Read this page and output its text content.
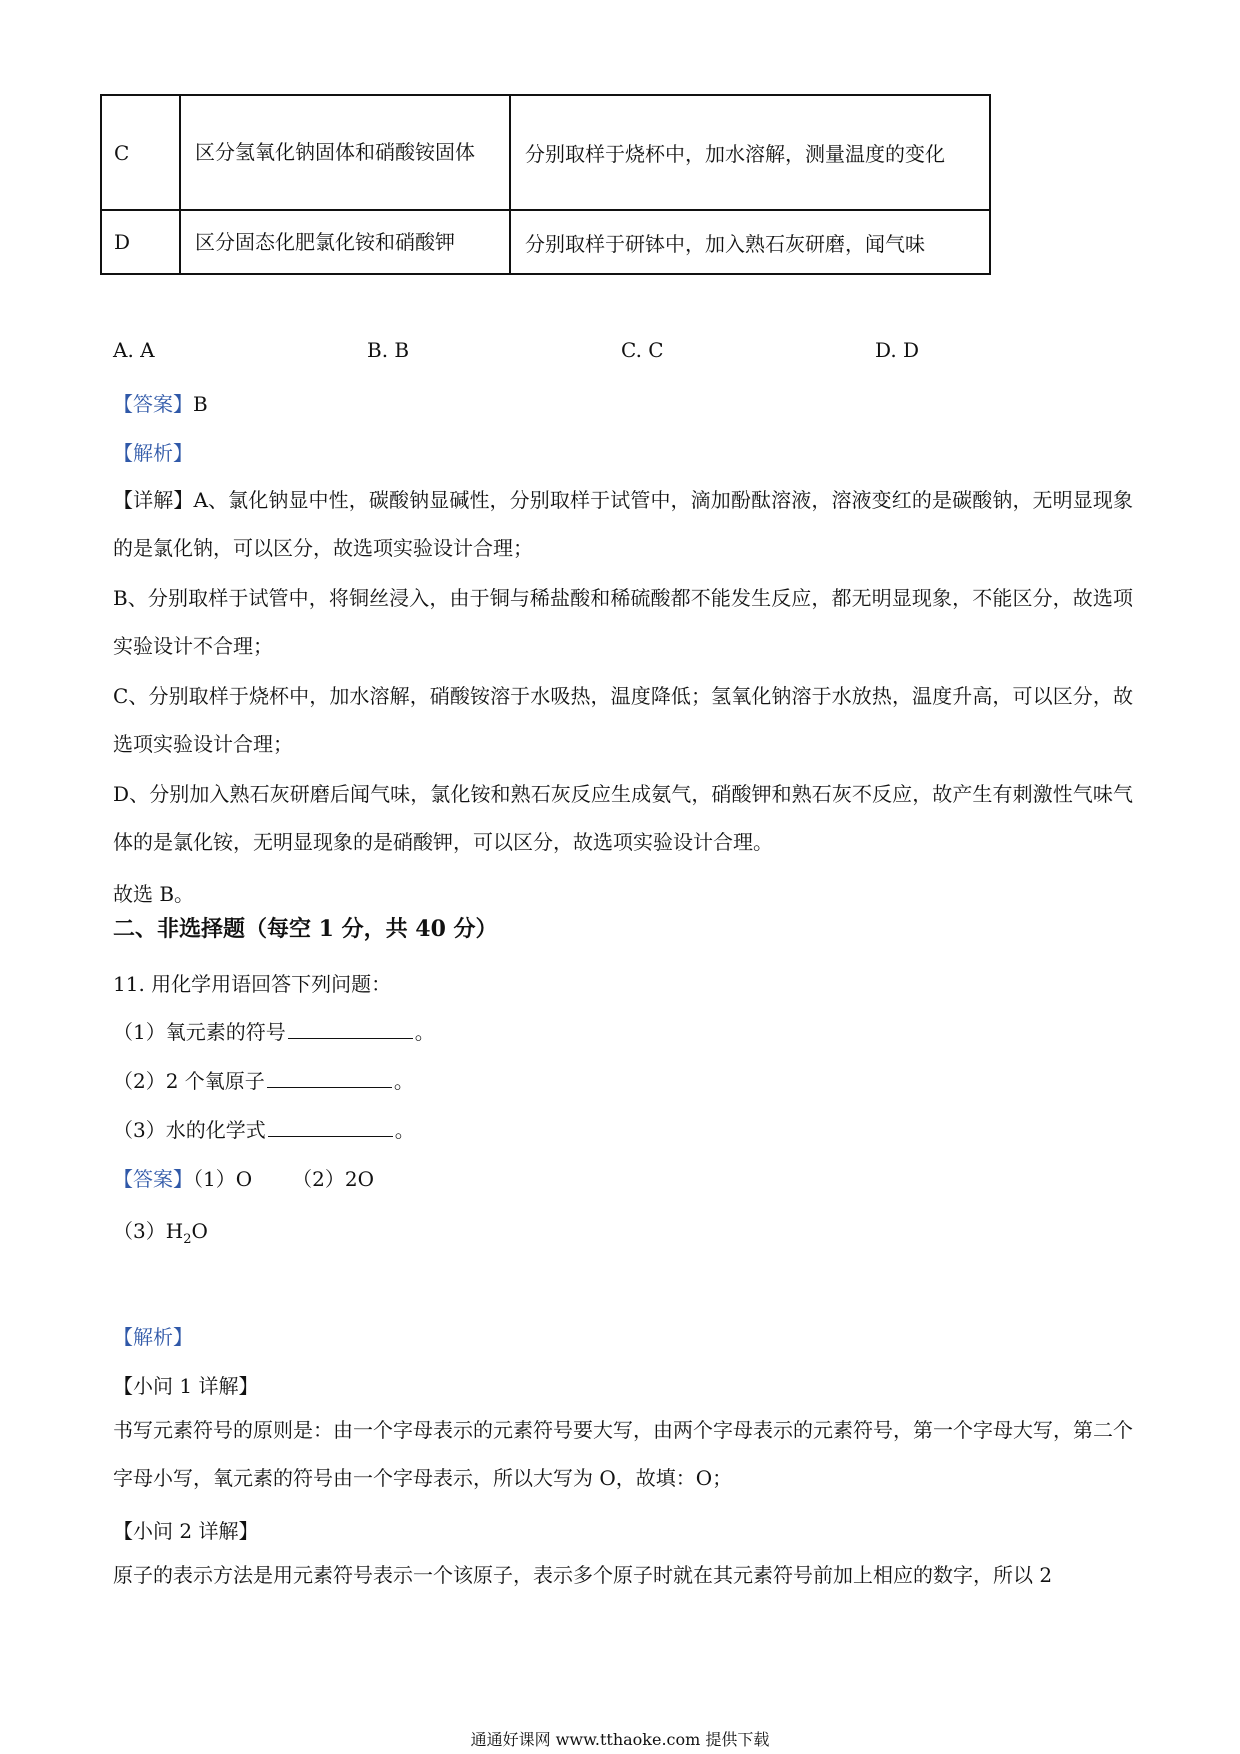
C	区分氢氧化钠固体和硝酸铵固体	分别取样于烧杯中，加水溶解，测量温度的变化
D	区分固态化肥氯化铵和硝酸钾	分别取样于研钵中，加入熟石灰研磨，闻气味
A. A	B. B	C. C	D. D
【答案】B
【解析】
【详解】A、氯化钠显中性，碳酸钠显碱性，分别取样于试管中，滴加酚酞溶液，溶液变红的是碳酸钠，无明显现象的是氯化钠，可以区分，故选项实验设计合理；
B、分别取样于试管中，将铜丝浸入，由于铜与稀盐酸和稀硫酸都不能发生反应，都无明显现象，不能区分，故选项实验设计不合理；
C、分别取样于烧杯中，加水溶解，硝酸铵溶于水吸热，温度降低；氢氧化钠溶于水放热，温度升高，可以区分，故选项实验设计合理；
D、分别加入熟石灰研磨后闻气味，氯化铵和熟石灰反应生成氨气，硝酸钾和熟石灰不反应，故产生有刺激性气味气体的是氯化铵，无明显现象的是硝酸钾，可以区分，故选项实验设计合理。
故选 B。
二、非选择题（每空 1 分，共 40 分）
11. 用化学用语回答下列问题：
（1）氧元素的符号	。
（2）2 个氧原子	。
（3）水的化学式	。
【答案】（1）O （2）2O
$(3)H_2O$
【解析】
【小问 1 详解】
书写元素符号的原则是：由一个字母表示的元素符号要大写，由两个字母表示的元素符号，第一个字母大写，第二个字母小写，氧元素的符号由一个字母表示，所以大写为 O，故填：O；
【小问 2 详解】
原子的表示方法是用元素符号表示一个该原子，表示多个原子时就在其元素符号前加上相应的数字，所以 2
通通好课网 www.tthaoke.com 提供下载
